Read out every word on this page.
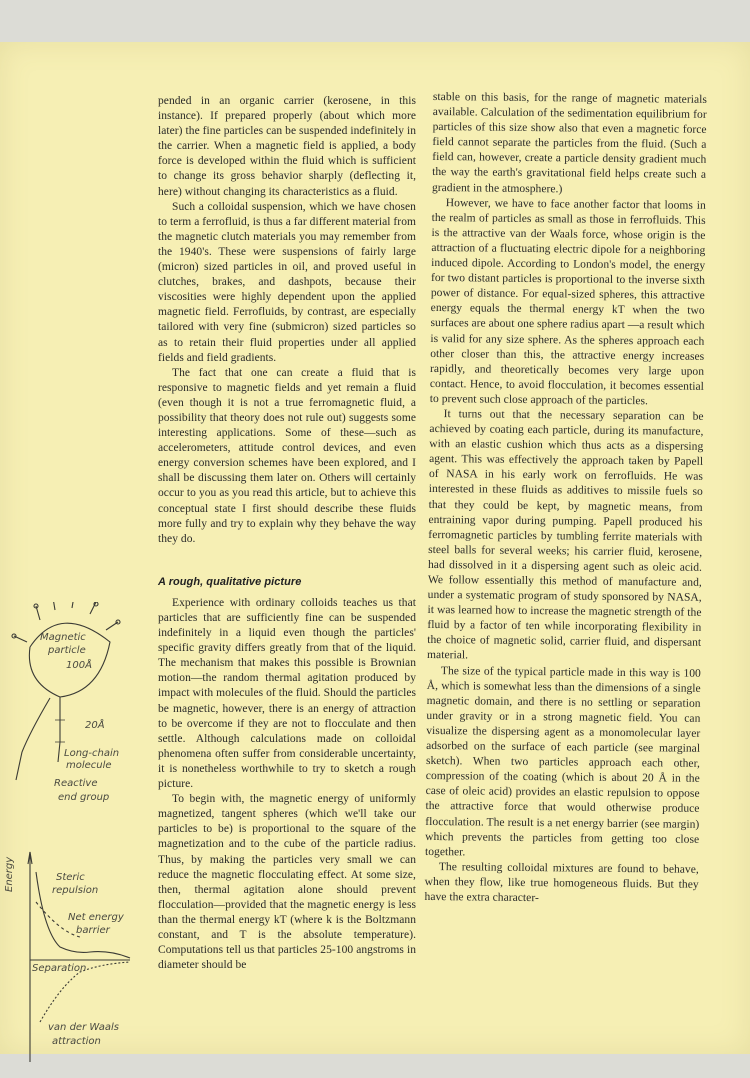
pended in an organic carrier (kerosene, in this instance). If prepared properly (about which more later) the fine particles can be suspended indefinitely in the carrier. When a magnetic field is applied, a body force is developed within the fluid which is sufficient to change its gross behavior sharply (deflecting it, here) without changing its characteristics as a fluid.

Such a colloidal suspension, which we have chosen to term a ferrofluid, is thus a far different material from the magnetic clutch materials you may remember from the 1940's. These were suspensions of fairly large (micron) sized particles in oil, and proved useful in clutches, brakes, and dashpots, because their viscosities were highly dependent upon the applied magnetic field. Ferrofluids, by contrast, are especially tailored with very fine (submicron) sized particles so as to retain their fluid properties under all applied fields and field gradients.

The fact that one can create a fluid that is responsive to magnetic fields and yet remain a fluid (even though it is not a true ferromagnetic fluid, a possibility that theory does not rule out) suggests some interesting applications. Some of these—such as accelerometers, attitude control devices, and even energy conversion schemes have been explored, and I shall be discussing them later on. Others will certainly occur to you as you read this article, but to achieve this conceptual state I first should describe these fluids more fully and try to explain why they behave the way they do.

A rough, qualitative picture

Experience with ordinary colloids teaches us that particles that are sufficiently fine can be suspended indefinitely in a liquid even though the particles' specific gravity differs greatly from that of the liquid. The mechanism that makes this possible is Brownian motion—the random thermal agitation produced by impact with molecules of the fluid. Should the particles be magnetic, however, there is an energy of attraction to be overcome if they are not to flocculate and then settle. Although calculations made on colloidal phenomena often suffer from considerable uncertainty, it is nonetheless worthwhile to try to sketch a rough picture.

To begin with, the magnetic energy of uniformly magnetized, tangent spheres (which we'll take our particles to be) is proportional to the square of the magnetization and to the cube of the particle radius. Thus, by making the particles very small we can reduce the magnetic flocculating effect. At some size, then, thermal agitation alone should prevent flocculation—provided that the magnetic energy is less than the thermal energy kT (where k is the Boltzmann constant, and T is the absolute temperature). Computations tell us that particles 25-100 angstroms in diameter should be

stable on this basis, for the range of magnetic materials available. Calculation of the sedimentation equilibrium for particles of this size show also that even a magnetic force field cannot separate the particles from the fluid. (Such a field can, however, create a particle density gradient much the way the earth's gravitational field helps create such a gradient in the atmosphere.)

However, we have to face another factor that looms in the realm of particles as small as those in ferrofluids. This is the attractive van der Waals force, whose origin is the attraction of a fluctuating electric dipole for a neighboring induced dipole. According to London's model, the energy for two distant particles is proportional to the inverse sixth power of distance. For equal-sized spheres, this attractive energy equals the thermal energy kT when the two surfaces are about one sphere radius apart —a result which is valid for any size sphere. As the spheres approach each other closer than this, the attractive energy increases rapidly, and theoretically becomes very large upon contact. Hence, to avoid flocculation, it becomes essential to prevent such close approach of the particles.

It turns out that the necessary separation can be achieved by coating each particle, during its manufacture, with an elastic cushion which thus acts as a dispersing agent. This was effectively the approach taken by Papell of NASA in his early work on ferrofluids. He was interested in these fluids as additives to missile fuels so that they could be kept, by magnetic means, from entraining vapor during pumping. Papell produced his ferromagnetic particles by tumbling ferrite materials with steel balls for several weeks; his carrier fluid, kerosene, had dissolved in it a dispersing agent such as oleic acid. We follow essentially this method of manufacture and, under a systematic program of study sponsored by NASA, it was learned how to increase the magnetic strength of the fluid by a factor of ten while incorporating flexibility in the choice of magnetic solid, carrier fluid, and dispersant material.

The size of the typical particle made in this way is 100 Å, which is somewhat less than the dimensions of a single magnetic domain, and there is no settling or separation under gravity or in a strong magnetic field. You can visualize the dispersing agent as a monomolecular layer adsorbed on the surface of each particle (see marginal sketch). When two particles approach each other, compression of the coating (which is about 20 Å in the case of oleic acid) provides an elastic repulsion to oppose the attractive force that would otherwise produce flocculation. The result is a net energy barrier (see margin) which prevents the particles from getting too close together.

The resulting colloidal mixtures are found to behave, when they flow, like true homogeneous fluids. But they have the extra character-

Magnetic
particle
100Å
20Å
Long-chain
molecule
Reactive
end group
Energy	Steric
repulsion
Net energy
barrier
Separation
van der Waals
attraction
